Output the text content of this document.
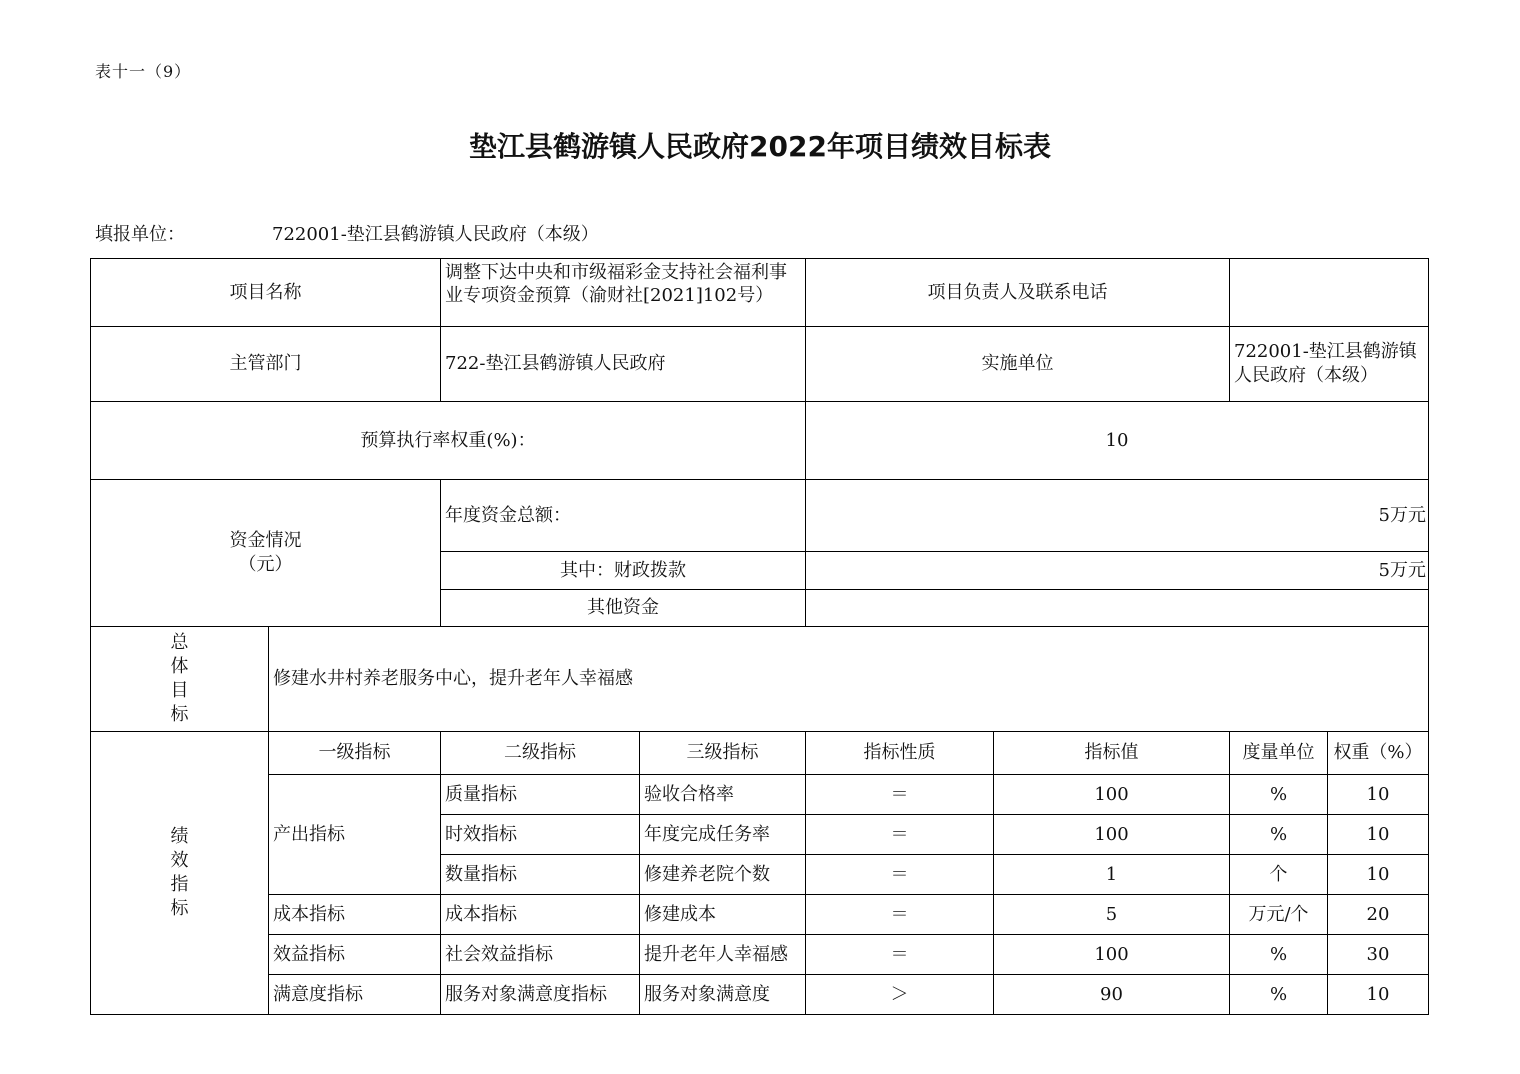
表十一（9）
垫江县鹤游镇人民政府2022年项目绩效目标表
填报单位：	722001-垫江县鹤游镇人民政府（本级）
项目名称		调整下达中央和市级福彩金支持社会福利事业专项资金预算（渝财社[2021]102号）		项目负责人及联系电话			
主管部门		722-垫江县鹤游镇人民政府		实施单位		722001-垫江县鹤游镇人民政府（本级）	
预算执行率权重(%)：				10			

资金情况
（元）		年度资金总额：		5万元			
		其中：财政拨款		5万元			
		其他资金					

总
体
目
标	修建水井村养老服务中心，提升老年人幸福感						

绩
效
指
标	一级指标	二级指标	三级指标	指标性质	指标值	度量单位	权重（%）
	产出指标	质量指标	验收合格率	＝	100	%	10
		时效指标	年度完成任务率	＝	100	%	10
		数量指标	修建养老院个数	＝	1	个	10
	成本指标	成本指标	修建成本	＝	5	万元/个	20
	效益指标	社会效益指标	提升老年人幸福感	＝	100	%	30
	满意度指标	服务对象满意度指标	服务对象满意度	＞	90	%	10
